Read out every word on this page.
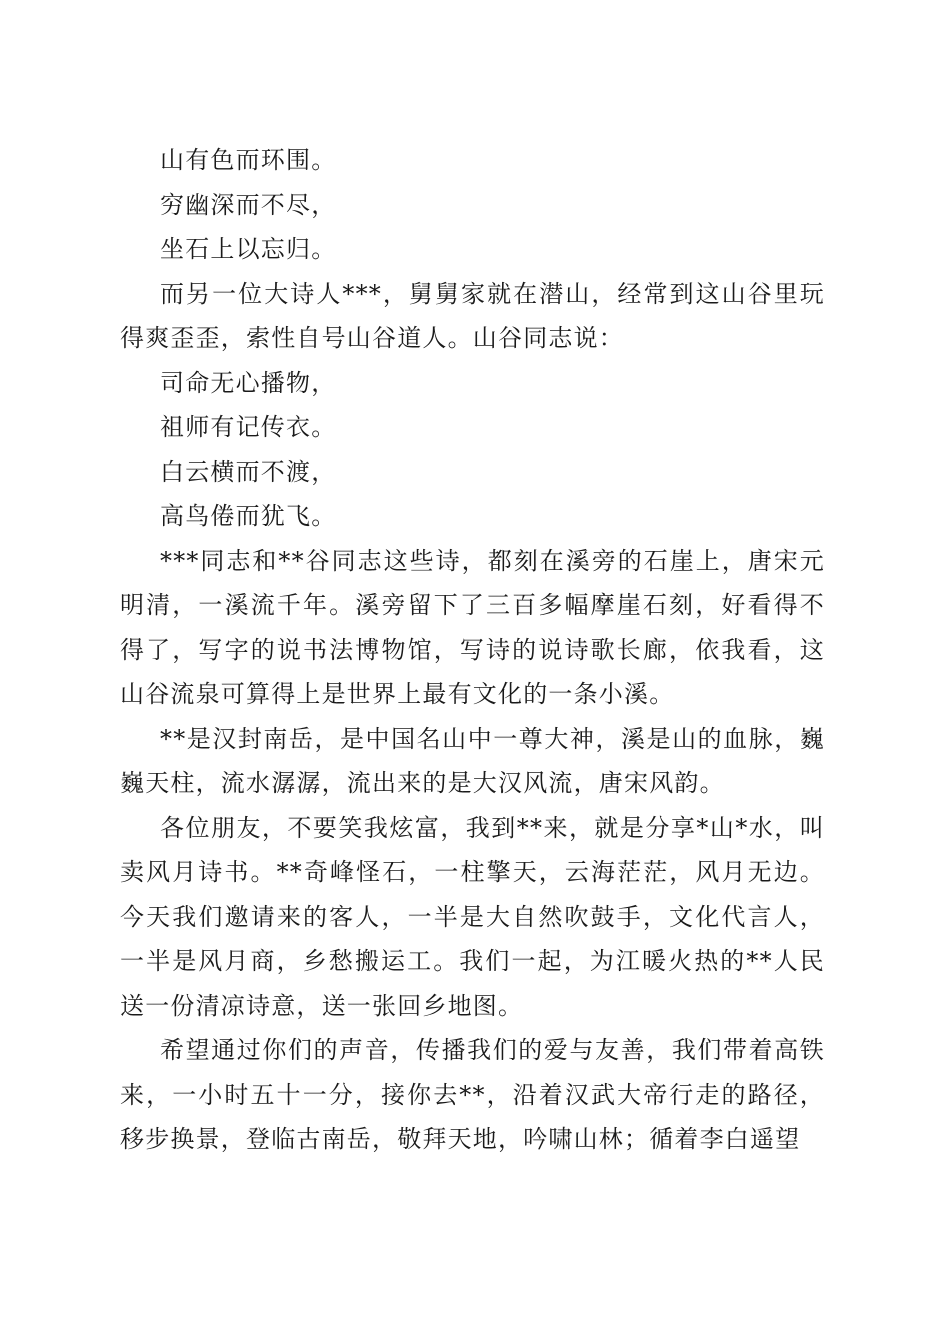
山有色而环围。
穷幽深而不尽，
坐石上以忘归。

而另一位大诗人***，舅舅家就在潜山，经常到这山谷里玩得爽歪歪，索性自号山谷道人。山谷同志说：

司命无心播物，
祖师有记传衣。
白云横而不渡，
高鸟倦而犹飞。

***同志和**谷同志这些诗，都刻在溪旁的石崖上，唐宋元明清，一溪流千年。溪旁留下了三百多幅摩崖石刻，好看得不得了，写字的说书法博物馆，写诗的说诗歌长廊，依我看，这山谷流泉可算得上是世界上最有文化的一条小溪。

**是汉封南岳，是中国名山中一尊大神，溪是山的血脉，巍巍天柱，流水潺潺，流出来的是大汉风流，唐宋风韵。

各位朋友，不要笑我炫富，我到**来，就是分享*山*水，叫卖风月诗书。**奇峰怪石，一柱擎天，云海茫茫，风月无边。今天我们邀请来的客人，一半是大自然吹鼓手，文化代言人，一半是风月商，乡愁搬运工。我们一起，为江暖火热的**人民送一份清凉诗意，送一张回乡地图。

希望通过你们的声音，传播我们的爱与友善，我们带着高铁来，一小时五十一分，接你去**，沿着汉武大帝行走的路径，移步换景，登临古南岳，敬拜天地，吟啸山林；循着李白遥望
